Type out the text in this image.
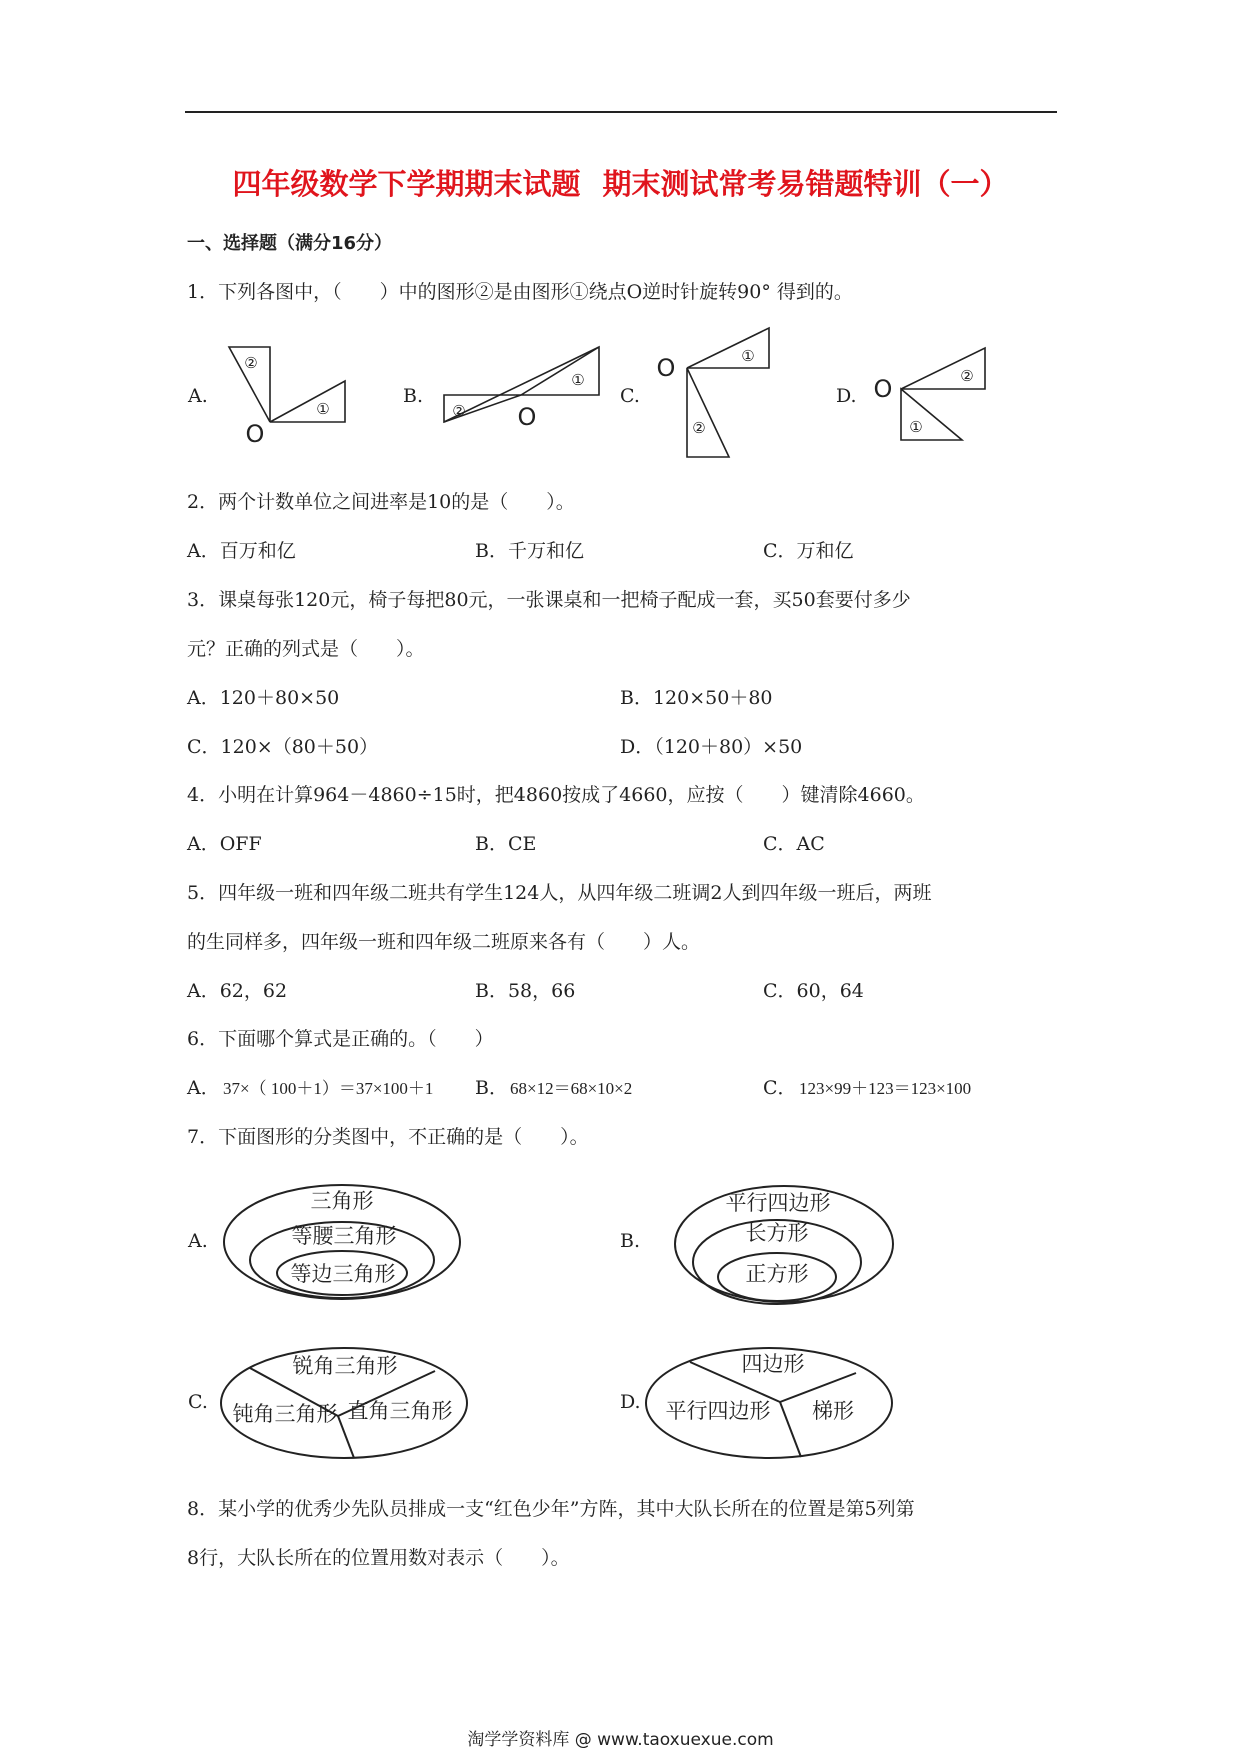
四年级数学下学期期末试题 期末测试常考易错题特训（一）
一、选择题（满分16分）
1．下列各图中，（　　）中的图形②是由图形①绕点O逆时针旋转90° 得到的。
A.	B.	C.	D.
②
①	②
①
①
②
②
①
O
O
O
O
2．两个计数单位之间进率是10的是（　　）。
A．百万和亿	B．千万和亿	C．万和亿
3．课桌每张120元，椅子每把80元，一张课桌和一把椅子配成一套，买50套要付多少
元？正确的列式是（　　）。
A．120＋80×50	B．120×50＋80
C．120×（80＋50）	D．（120＋80）×50
4．小明在计算964－4860÷15时，把4860按成了4660，应按（　　）键清除4660。
A．OFF	B．CE	C．AC
5．四年级一班和四年级二班共有学生124人，从四年级二班调2人到四年级一班后，两班
的生同样多，四年级一班和四年级二班原来各有（　　）人。
A．62，62	B．58，66	C．60，64
6．下面哪个算式是正确的。（　　）
A． 37×（ 100＋1）＝37×100＋1 B． 68×12＝68×10×2	C． 123×99＋123＝123×100
7．下面图形的分类图中，不正确的是（　　）。
A.	B.
C.	D.
三角形
等腰三角形
等边三角形
平行四边形
长方形
正方形
锐角三角形
钝角三角形 直角三角形
四边形
平行四边形 梯形
8．某小学的优秀少先队员排成一支“红色少年”方阵，其中大队长所在的位置是第5列第
8行，大队长所在的位置用数对表示（　　）。
淘学学资料库 @ www.taoxuexue.com
